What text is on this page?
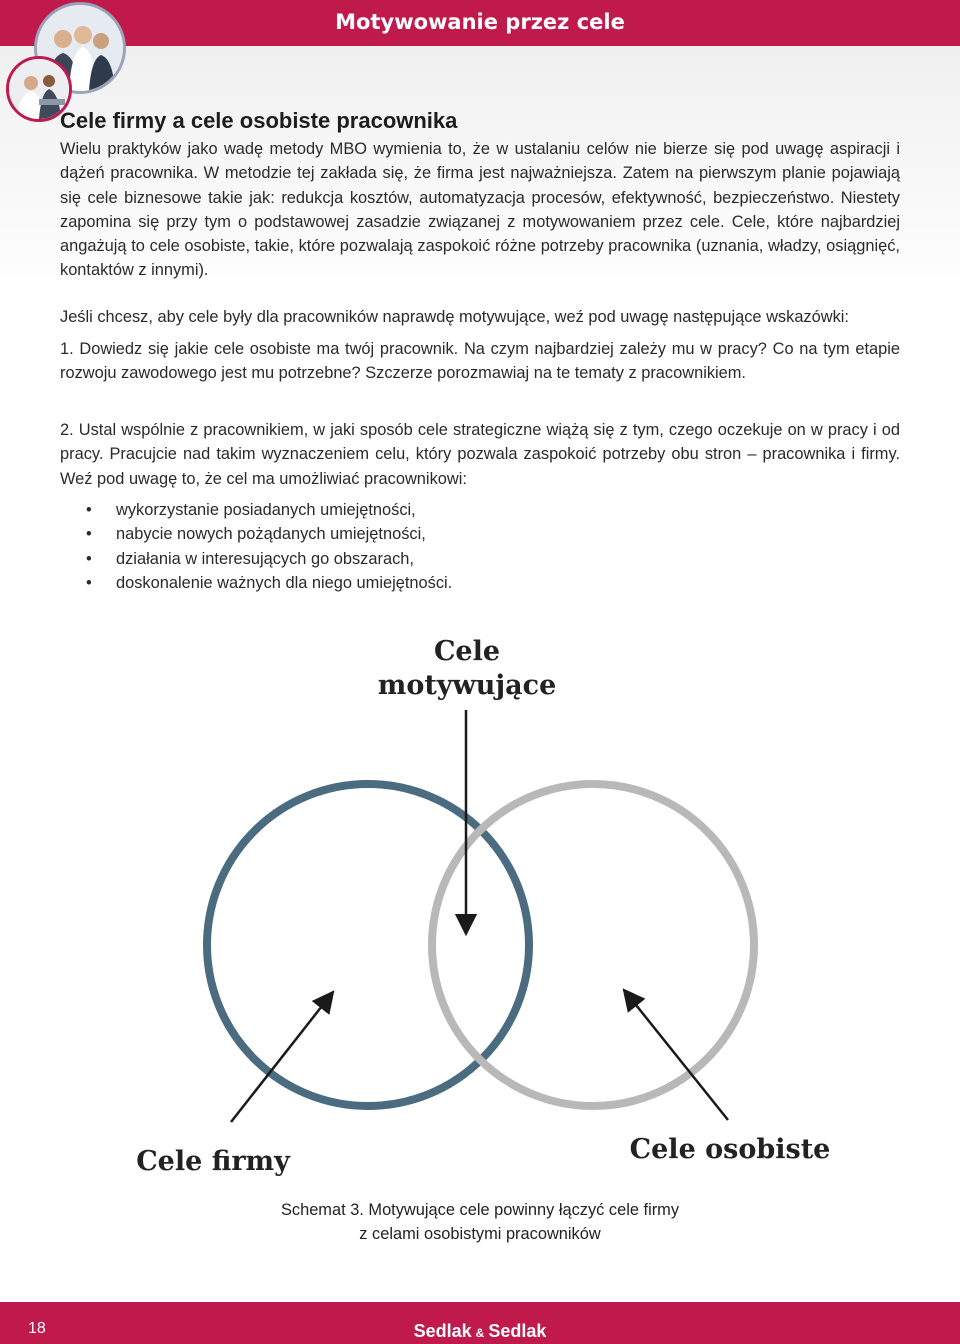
Motywowanie przez cele
Cele firmy a cele osobiste pracownika

Wielu praktyków jako wadę metody MBO wymienia to, że w ustalaniu celów nie bierze się pod uwagę aspiracji i dążeń pracownika. W metodzie tej zakłada się, że firma jest najważniejsza. Zatem na pierwszym planie pojawiają się cele biznesowe takie jak: redukcja kosztów, automatyzacja procesów, efektywność, bezpieczeństwo. Niestety zapomina się przy tym o podstawowej zasadzie związanej z motywowaniem przez cele. Cele, które najbardziej angażują to cele osobiste, takie, które pozwalają zaspokoić różne potrzeby pracownika (uznania, władzy, osiągnięć, kontaktów z innymi).

Jeśli chcesz, aby cele były dla pracowników naprawdę motywujące, weź pod uwagę następujące wskazówki:

1. Dowiedz się jakie cele osobiste ma twój pracownik. Na czym najbardziej zależy mu w pracy? Co na tym etapie rozwoju zawodowego jest mu potrzebne? Szczerze porozmawiaj na te tematy z pracownikiem.

2. Ustal wspólnie z pracownikiem, w jaki sposób cele strategiczne wiążą się z tym, czego oczekuje on w pracy i od pracy. Pracujcie nad takim wyznaczeniem celu, który pozwala zaspokoić potrzeby obu stron – pracownika i firmy. Weź pod uwagę to, że cel ma umożliwiać pracownikowi:

• wykorzystanie posiadanych umiejętności,
• nabycie nowych pożądanych umiejętności,
• działania w interesujących go obszarach,
• doskonalenie ważnych dla niego umiejętności.
Cele
motywujące
Cele firmy	Cele osobiste
Schemat 3. Motywujące cele powinny łączyć cele firmy
z celami osobistymi pracowników
18	Sedlak & Sedlak
